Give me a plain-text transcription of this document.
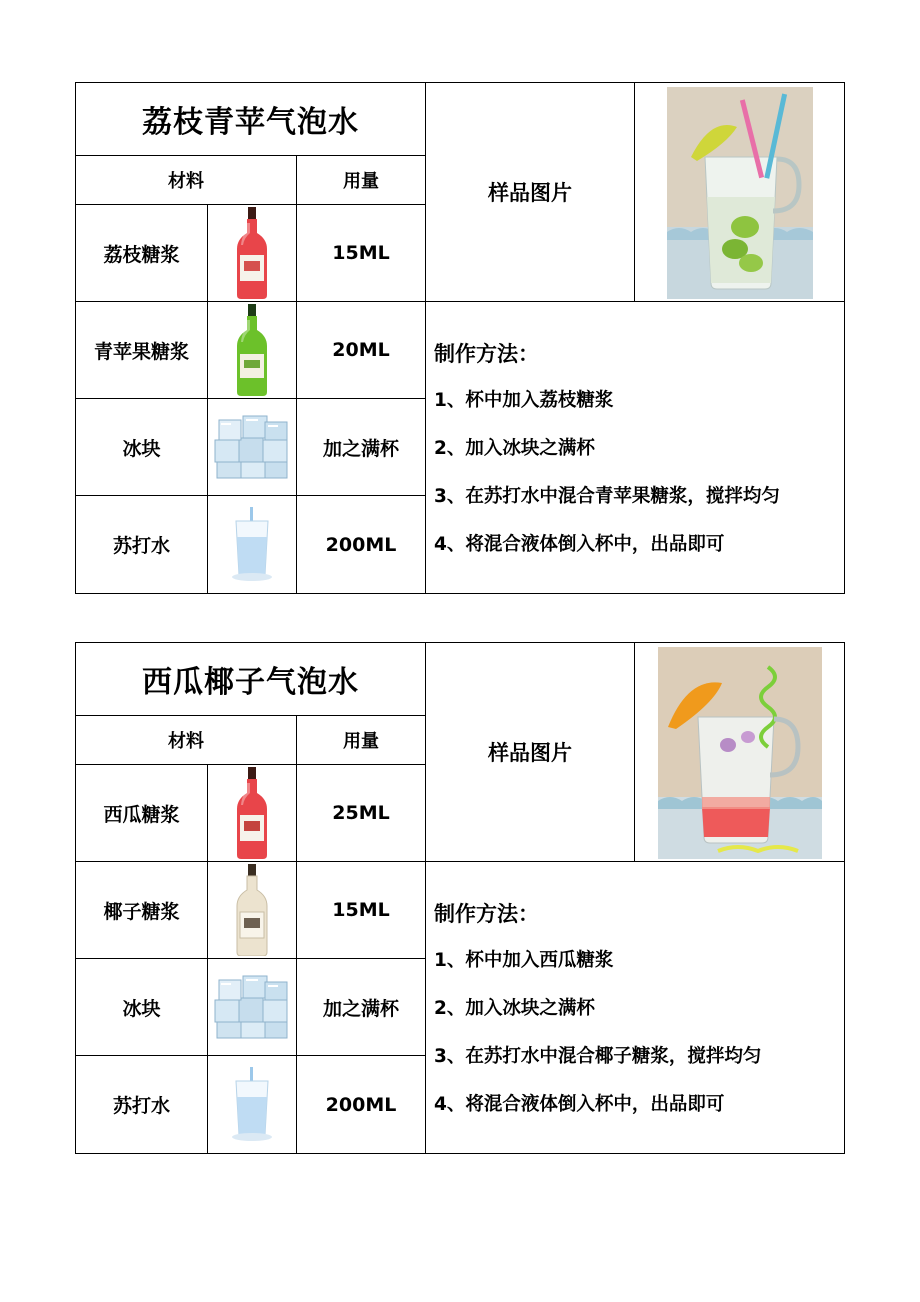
荔枝青苹气泡水
材料	用量
荔枝糖浆	15ML
青苹果糖浆	20ML
冰块	加之满杯
苏打水	200ML
样品图片
制作方法：
1、杯中加入荔枝糖浆
2、加入冰块之满杯
3、在苏打水中混合青苹果糖浆，搅拌均匀
4、将混合液体倒入杯中，出品即可
西瓜椰子气泡水
材料	用量
西瓜糖浆	25ML
椰子糖浆	15ML
冰块	加之满杯
苏打水	200ML
样品图片
制作方法：
1、杯中加入西瓜糖浆
2、加入冰块之满杯
3、在苏打水中混合椰子糖浆，搅拌均匀
4、将混合液体倒入杯中，出品即可
